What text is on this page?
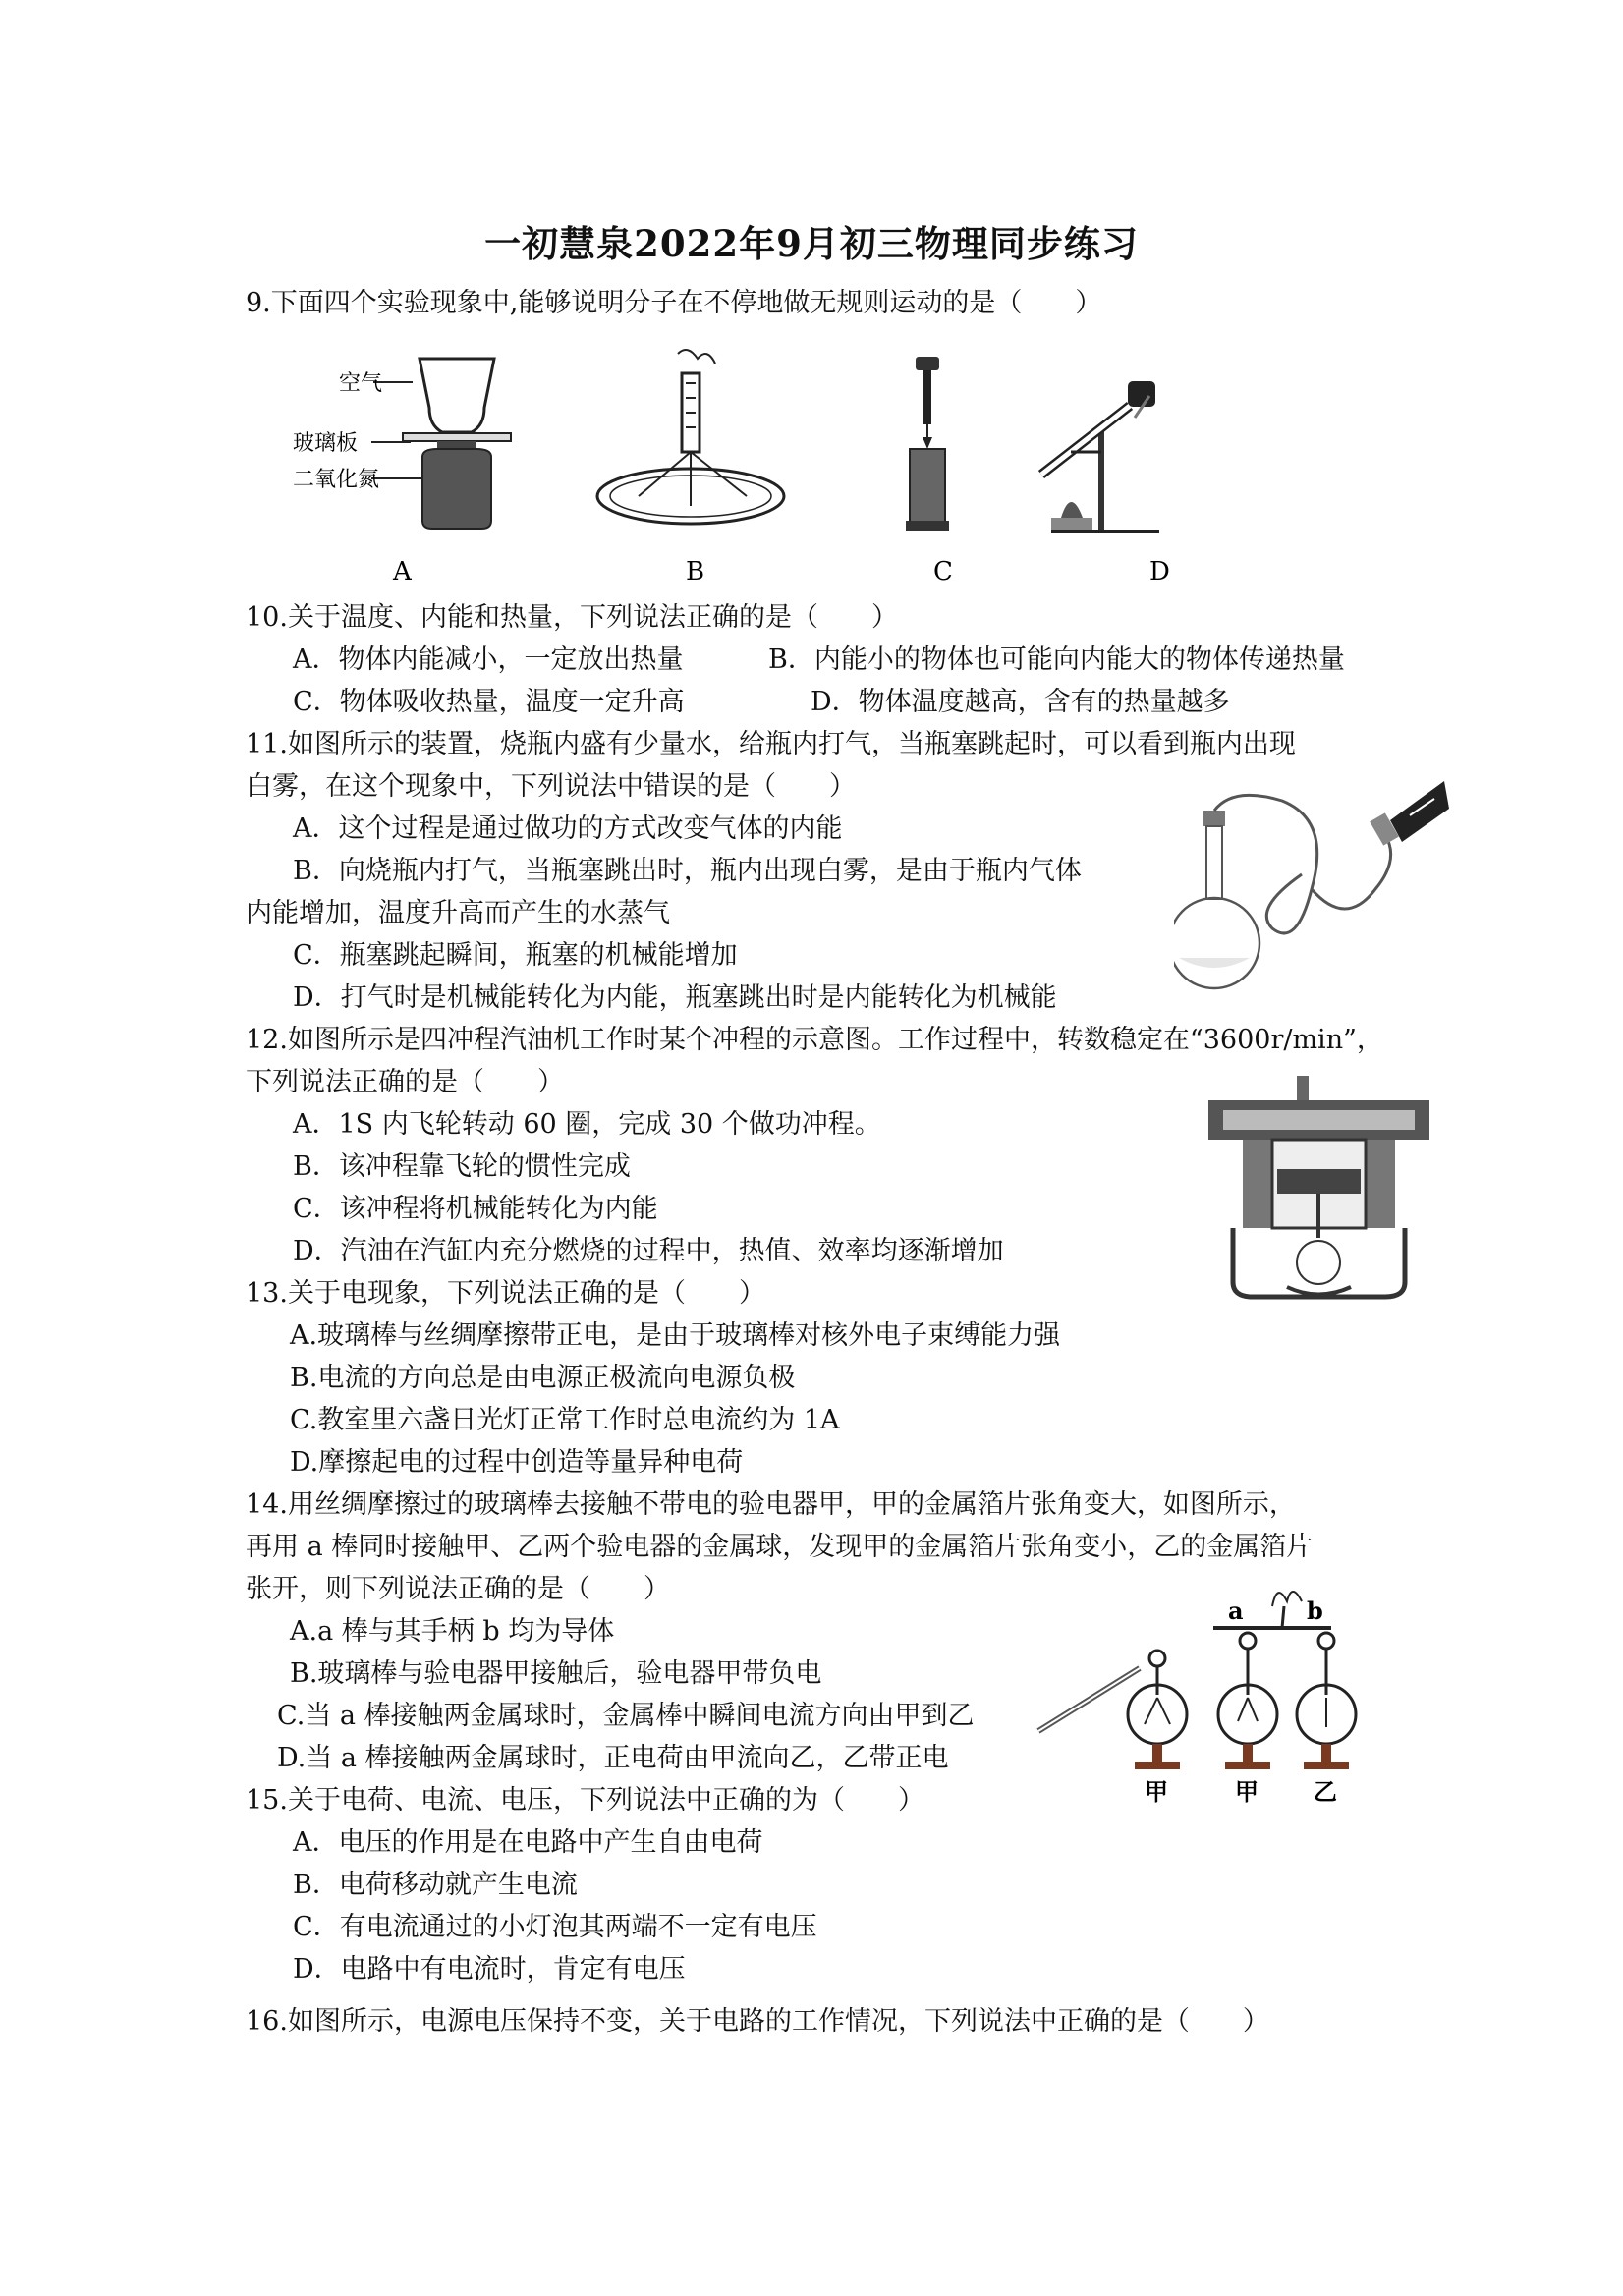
一初慧泉2022年9月初三物理同步练习
9.下面四个实验现象中,能够说明分子在不停地做无规则运动的是（　　）
空气
玻璃板
二氧化氮
A	B	C	D
10.关于温度、内能和热量，下列说法正确的是（　　）
A．物体内能减小，一定放出热量	B．内能小的物体也可能向内能大的物体传递热量
C．物体吸收热量，温度一定升高	D．物体温度越高，含有的热量越多
11.如图所示的装置，烧瓶内盛有少量水，给瓶内打气，当瓶塞跳起时，可以看到瓶内出现
白雾，在这个现象中，下列说法中错误的是（　　）
A．这个过程是通过做功的方式改变气体的内能
B．向烧瓶内打气，当瓶塞跳出时，瓶内出现白雾，是由于瓶内气体
内能增加，温度升高而产生的水蒸气
C．瓶塞跳起瞬间，瓶塞的机械能增加
D．打气时是机械能转化为内能，瓶塞跳出时是内能转化为机械能
12.如图所示是四冲程汽油机工作时某个冲程的示意图。工作过程中，转数稳定在“3600r/min”，
下列说法正确的是（　　）
A．1S 内飞轮转动 60 圈，完成 30 个做功冲程。
B．该冲程靠飞轮的惯性完成
C．该冲程将机械能转化为内能
D．汽油在汽缸内充分燃烧的过程中，热值、效率均逐渐增加
13.关于电现象，下列说法正确的是（　　）
A.玻璃棒与丝绸摩擦带正电，是由于玻璃棒对核外电子束缚能力强
B.电流的方向总是由电源正极流向电源负极
C.教室里六盏日光灯正常工作时总电流约为 1A
D.摩擦起电的过程中创造等量异种电荷
14.用丝绸摩擦过的玻璃棒去接触不带电的验电器甲，甲的金属箔片张角变大，如图所示，
再用 a 棒同时接触甲、乙两个验电器的金属球，发现甲的金属箔片张角变小，乙的金属箔片
张开，则下列说法正确的是（　　）
A.a 棒与其手柄 b 均为导体
B.玻璃棒与验电器甲接触后，验电器甲带负电
C.当 a 棒接触两金属球时，金属棒中瞬间电流方向由甲到乙
D.当 a 棒接触两金属球时，正电荷由甲流向乙，乙带正电
a	b
甲	甲 乙
15.关于电荷、电流、电压，下列说法中正确的为（　　）
A．电压的作用是在电路中产生自由电荷
B．电荷移动就产生电流
C．有电流通过的小灯泡其两端不一定有电压
D．电路中有电流时，肯定有电压
16.如图所示，电源电压保持不变，关于电路的工作情况，下列说法中正确的是（　　）
